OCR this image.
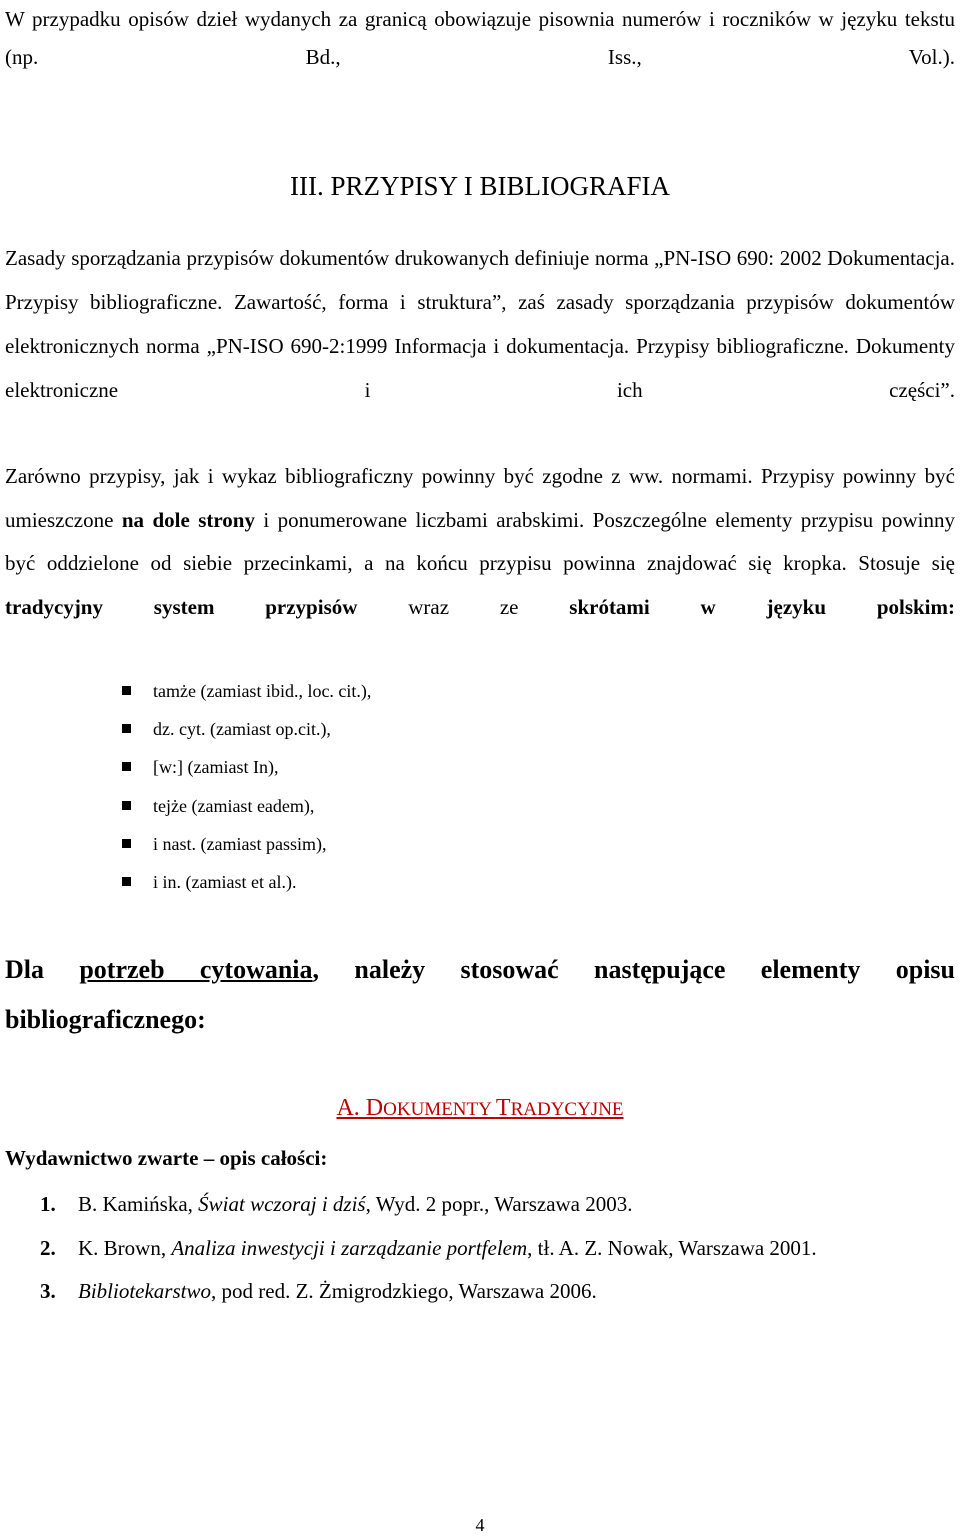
W przypadku opisów dzieł wydanych za granicą obowiązuje pisownia numerów i roczników w języku tekstu (np. Bd., Iss., Vol.).
III. PRZYPISY I BIBLIOGRAFIA
Zasady sporządzania przypisów dokumentów drukowanych definiuje norma „PN-ISO 690: 2002 Dokumentacja. Przypisy bibliograficzne. Zawartość, forma i struktura”, zaś zasady sporządzania przypisów dokumentów elektronicznych norma „PN-ISO 690-2:1999 Informacja i dokumentacja. Przypisy bibliograficzne. Dokumenty elektroniczne i ich części”.
Zarówno przypisy, jak i wykaz bibliograficzny powinny być zgodne z ww. normami. Przypisy powinny być umieszczone na dole strony i ponumerowane liczbami arabskimi. Poszczególne elementy przypisu powinny być oddzielone od siebie przecinkami, a na końcu przypisu powinna znajdować się kropka. Stosuje się tradycyjny system przypisów wraz ze skrótami w języku polskim:
tamże (zamiast ibid., loc. cit.),
dz. cyt. (zamiast op.cit.),
[w:] (zamiast In),
tejże (zamiast eadem),
i nast. (zamiast passim),
i in. (zamiast et al.).
Dla potrzeb cytowania, należy stosować następujące elementy opisu bibliograficznego:
A. DOKUMENTY TRADYCYJNE
Wydawnictwo zwarte – opis całości:
1. B. Kamińska, Świat wczoraj i dziś, Wyd. 2 popr., Warszawa 2003.
2. K. Brown, Analiza inwestycji i zarządzanie portfelem, tł. A. Z. Nowak, Warszawa 2001.
3. Bibliotekarstwo, pod red. Z. Żmigrodzkiego, Warszawa 2006.
4
